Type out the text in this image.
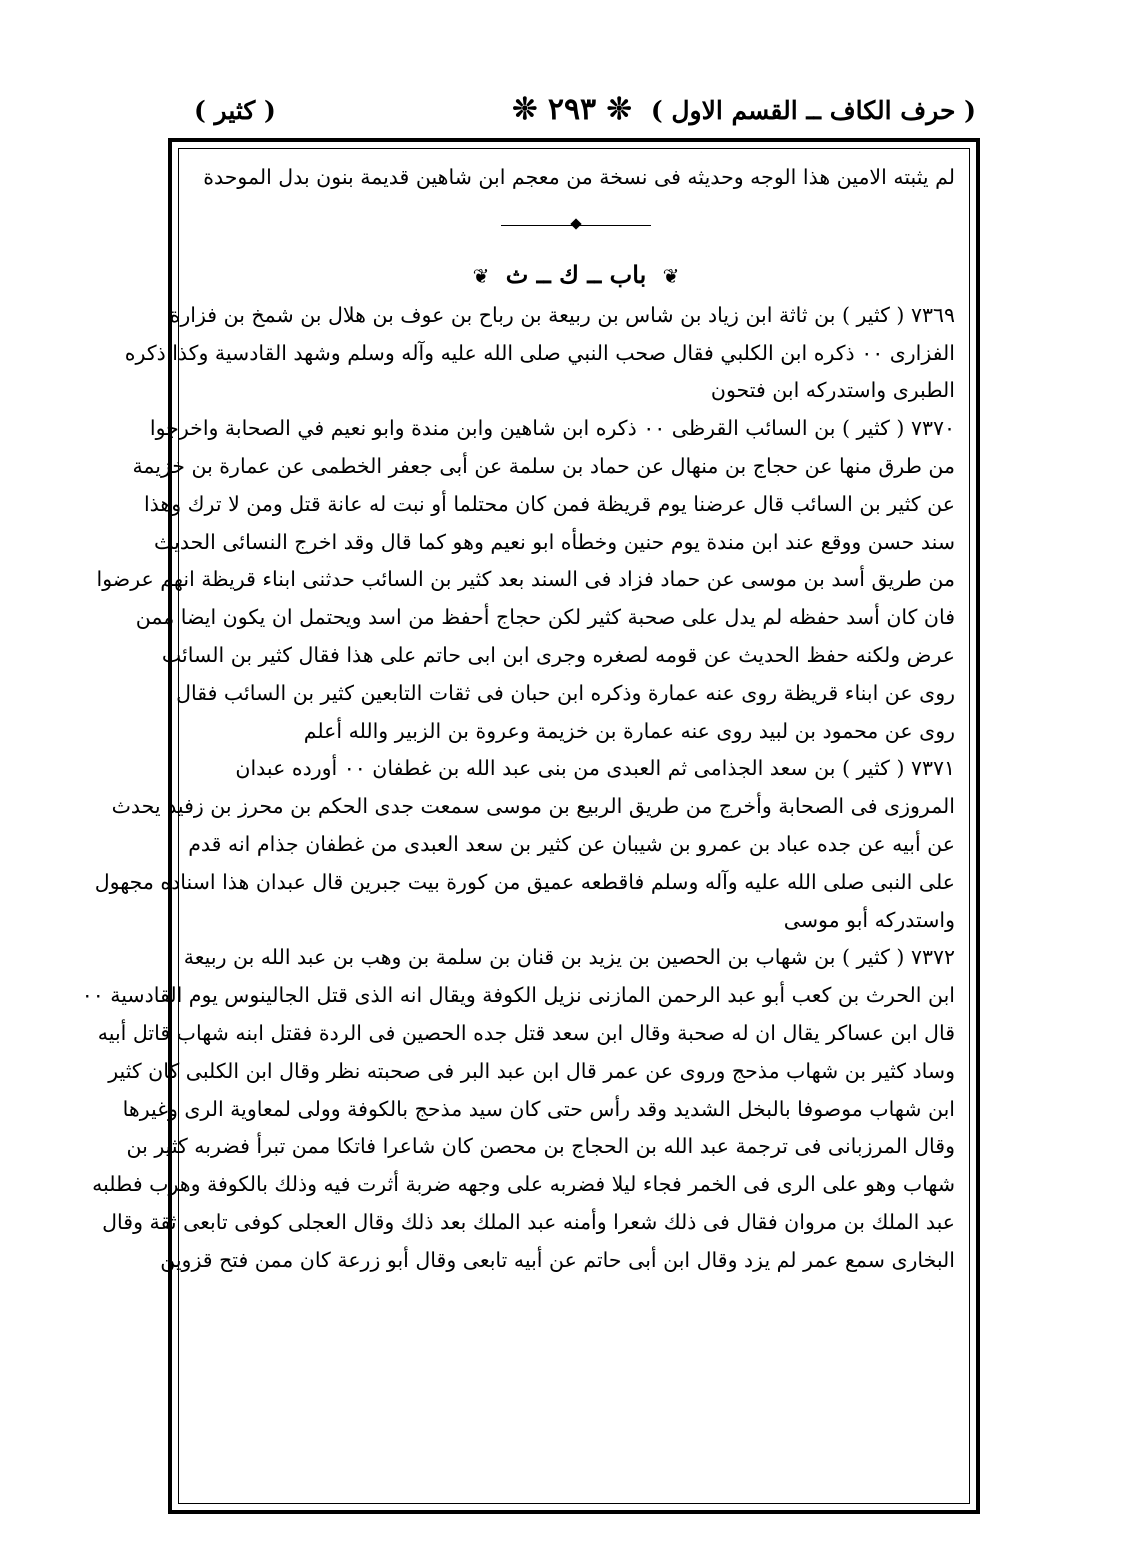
( حرف الكاف ــ القسم الاول )
❊ ٢٩٣ ❊
( كثير )
لم يثبته الامين هذا الوجه وحديثه فى نسخة من معجم ابن شاهين قديمة بنون بدل الموحدة
❦ باب ــ ك ــ ث ❦
٧٣٦٩ ( كثير ) بن ثاثة ابن زياد بن شاس بن ربيعة بن رباح بن عوف بن هلال بن شمخ بن فزارة
الفزارى ٠٠ ذكره ابن الكلبي فقال صحب النبي صلى الله عليه وآله وسلم وشهد القادسية وكذا ذكره
الطبرى واستدركه ابن فتحون
٧٣٧٠ ( كثير ) بن السائب القرظى ٠٠ ذكره ابن شاهين وابن مندة وابو نعيم في الصحابة واخرجوا
من طرق منها عن حجاج بن منهال عن حماد بن سلمة عن أبى جعفر الخطمى عن عمارة بن خزيمة
عن كثير بن السائب قال عرضنا يوم قريظة فمن كان محتلما أو نبت له عانة قتل ومن لا ترك وهذا
سند حسن ووقع عند ابن مندة يوم حنين وخطأه ابو نعيم وهو كما قال وقد اخرج النسائى الحديث
من طريق أسد بن موسى عن حماد فزاد فى السند بعد كثير بن السائب حدثنى ابناء قريظة انهم عرضوا
فان كان أسد حفظه لم يدل على صحبة كثير لكن حجاج أحفظ من اسد ويحتمل ان يكون ايضا ممن
عرض ولكنه حفظ الحديث عن قومه لصغره وجرى ابن ابى حاتم على هذا فقال كثير بن السائب
روى عن ابناء قريظة روى عنه عمارة وذكره ابن حبان فى ثقات التابعين كثير بن السائب فقال
روى عن محمود بن لبيد روى عنه عمارة بن خزيمة وعروة بن الزبير والله أعلم
٧٣٧١ ( كثير ) بن سعد الجذامى ثم العبدى من بنى عبد الله بن غطفان ٠٠ أورده عبدان
المروزى فى الصحابة وأخرج من طريق الربيع بن موسى سمعت جدى الحكم بن محرز بن زفيد يحدث
عن أبيه عن جده عباد بن عمرو بن شيبان عن كثير بن سعد العبدى من غطفان جذام انه قدم
على النبى صلى الله عليه وآله وسلم فاقطعه عميق من كورة بيت جبرين قال عبدان هذا اسناده مجهول
واستدركه أبو موسى
٧٣٧٢ ( كثير ) بن شهاب بن الحصين بن يزيد بن قنان بن سلمة بن وهب بن عبد الله بن ربيعة
ابن الحرث بن كعب أبو عبد الرحمن المازنى نزيل الكوفة ويقال انه الذى قتل الجالينوس يوم القادسية ٠٠
قال ابن عساكر يقال ان له صحبة وقال ابن سعد قتل جده الحصين فى الردة فقتل ابنه شهاب قاتل أبيه
وساد كثير بن شهاب مذحج وروى عن عمر قال ابن عبد البر فى صحبته نظر وقال ابن الكلبى كان كثير
ابن شهاب موصوفا بالبخل الشديد وقد رأس حتى كان سيد مذحج بالكوفة وولى لمعاوية الرى وغيرها
وقال المرزبانى فى ترجمة عبد الله بن الحجاج بن محصن كان شاعرا فاتكا ممن تبرأ فضربه كثير بن
شهاب وهو على الرى فى الخمر فجاء ليلا فضربه على وجهه ضربة أثرت فيه وذلك بالكوفة وهرب فطلبه
عبد الملك بن مروان فقال فى ذلك شعرا وأمنه عبد الملك بعد ذلك وقال العجلى كوفى تابعى ثقة وقال
البخارى سمع عمر لم يزد وقال ابن أبى حاتم عن أبيه تابعى وقال أبو زرعة كان ممن فتح قزوين
